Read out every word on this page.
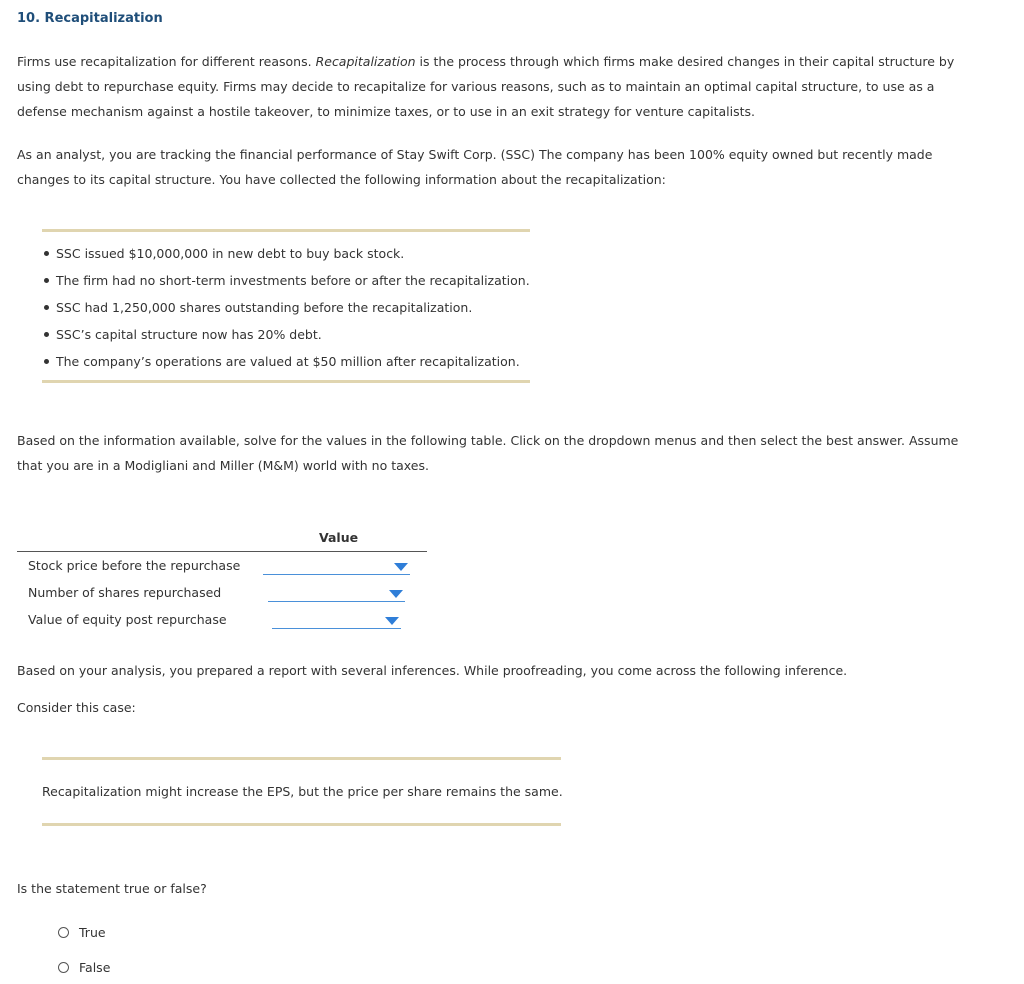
10. Recapitalization
Firms use recapitalization for different reasons. Recapitalization is the process through which firms make desired changes in their capital structure by using debt to repurchase equity. Firms may decide to recapitalize for various reasons, such as to maintain an optimal capital structure, to use as a defense mechanism against a hostile takeover, to minimize taxes, or to use in an exit strategy for venture capitalists.
As an analyst, you are tracking the financial performance of Stay Swift Corp. (SSC) The company has been 100% equity owned but recently made changes to its capital structure. You have collected the following information about the recapitalization:
SSC issued $10,000,000 in new debt to buy back stock.
The firm had no short-term investments before or after the recapitalization.
SSC had 1,250,000 shares outstanding before the recapitalization.
SSC’s capital structure now has 20% debt.
The company’s operations are valued at $50 million after recapitalization.
Based on the information available, solve for the values in the following table. Click on the dropdown menus and then select the best answer. Assume that you are in a Modigliani and Miller (M&M) world with no taxes.
Value
Stock price before the repurchase
Number of shares repurchased
Value of equity post repurchase
Based on your analysis, you prepared a report with several inferences. While proofreading, you come across the following inference.
Consider this case:
Recapitalization might increase the EPS, but the price per share remains the same.
Is the statement true or false?
True
False
